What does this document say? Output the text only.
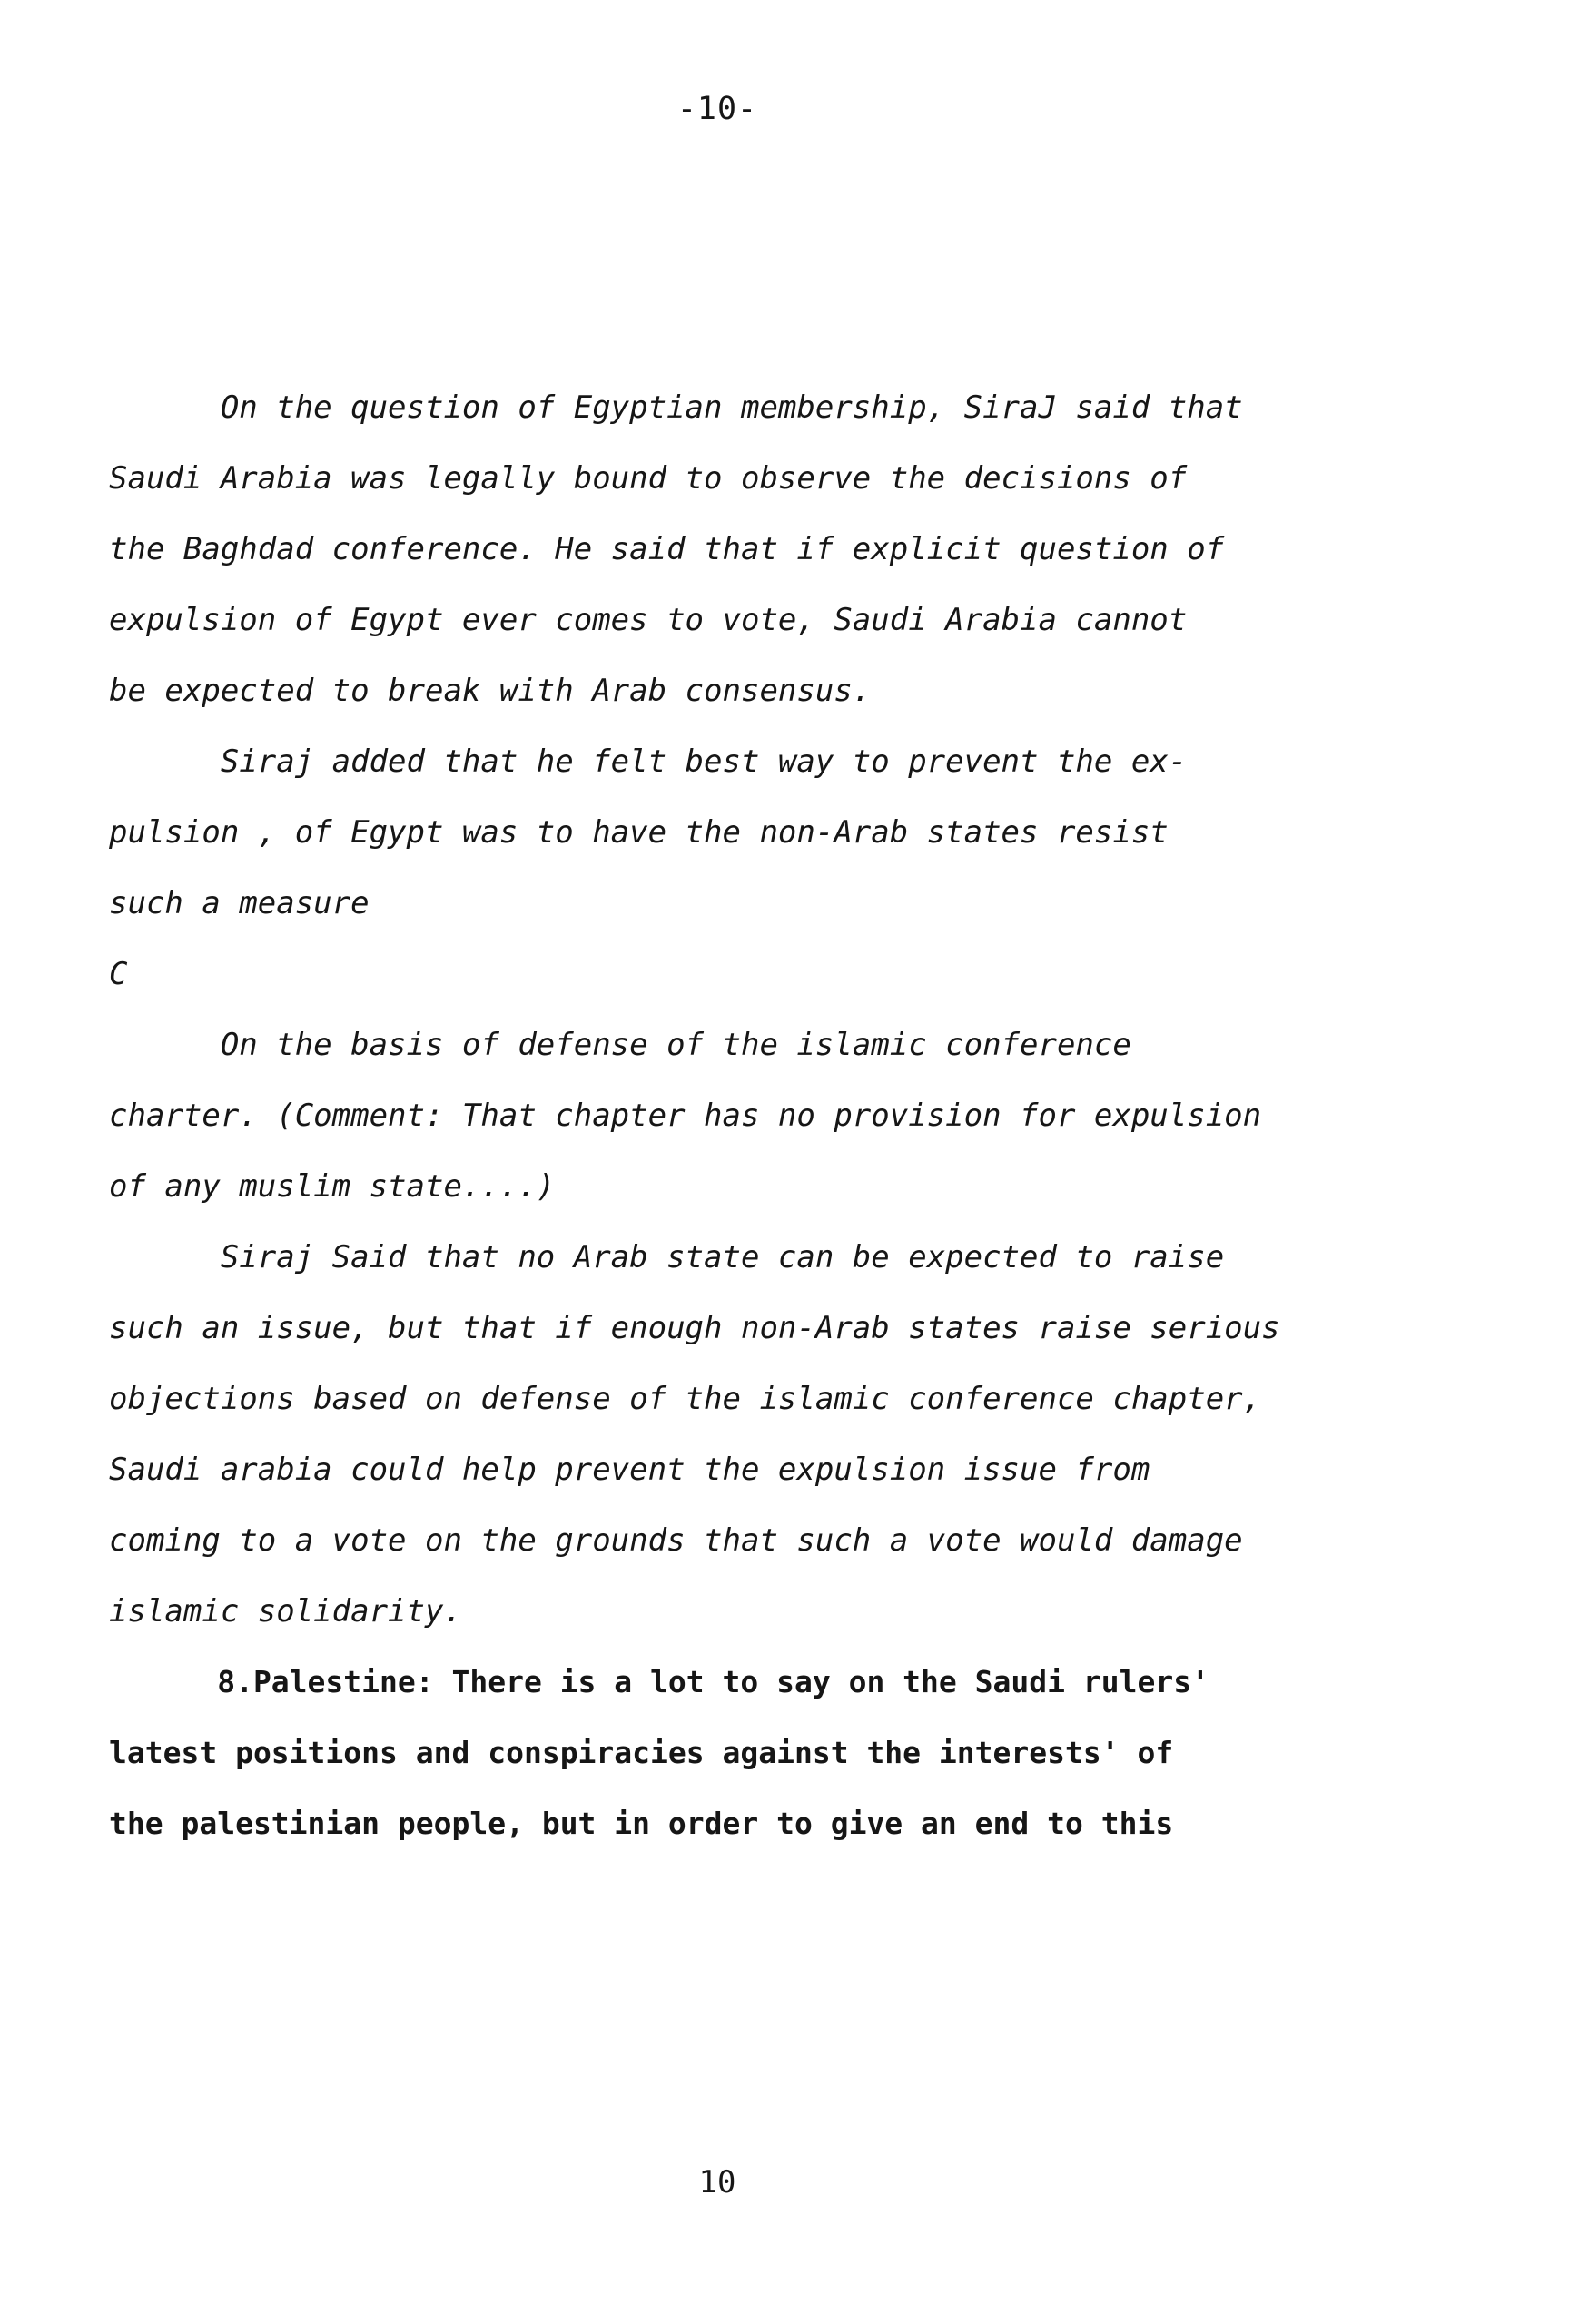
-10-
On the question of Egyptian membership, SiraJ said that
Saudi Arabia was legally bound to observe the decisions of
the Baghdad conference. He said that if explicit question of
expulsion of Egypt ever comes to vote, Saudi Arabia cannot
be expected to break with Arab consensus.
Siraj added that he felt best way to prevent the ex-
pulsion , of Egypt was to have the non-Arab states resist
such a measure
C
On the basis of defense of the islamic conference
charter. (Comment: That chapter has no provision for expulsion
of any muslim state....)
Siraj Said that no Arab state can be expected to raise
such an issue, but that if enough non-Arab states raise serious
objections based on defense of the islamic conference chapter,
Saudi arabia could help prevent the expulsion issue from
coming to a vote on the grounds that such a vote would damage
islamic solidarity.
8.Palestine: There is a lot to say on the Saudi rulers'
latest positions and conspiracies against the interests' of
the palestinian people, but in order to give an end to this
10
